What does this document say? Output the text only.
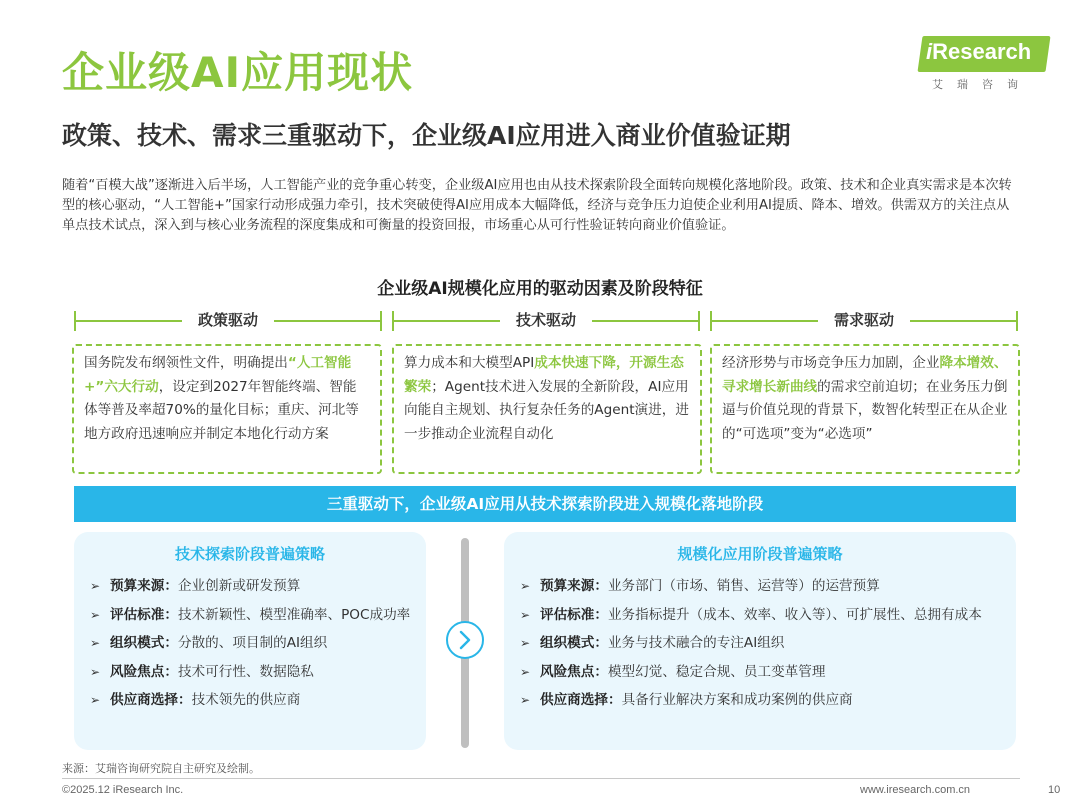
企业级AI应用现状
政策、技术、需求三重驱动下，企业级AI应用进入商业价值验证期
iResearch
艾瑞咨询
随着“百模大战”逐渐进入后半场，人工智能产业的竞争重心转变，企业级AI应用也由从技术探索阶段全面转向规模化落地阶段。政策、技术和企业真实需求是本次转型的核心驱动，“人工智能+”国家行动形成强力牵引，技术突破使得AI应用成本大幅降低，经济与竞争压力迫使企业利用AI提质、降本、增效。供需双方的关注点从单点技术试点，深入到与核心业务流程的深度集成和可衡量的投资回报，市场重心从可行性验证转向商业价值验证。
企业级AI规模化应用的驱动因素及阶段特征
政策驱动	技术驱动	需求驱动
国务院发布纲领性文件，明确提出“人工智能+”六大行动，设定到2027年智能终端、智能体等普及率超70%的量化目标；重庆、河北等地方政府迅速响应并制定本地化行动方案
算力成本和大模型API成本快速下降，开源生态繁荣；Agent技术进入发展的全新阶段，AI应用向能自主规划、执行复杂任务的Agent演进，进一步推动企业流程自动化
经济形势与市场竞争压力加剧，企业降本增效、寻求增长新曲线的需求空前迫切；在业务压力倒逼与价值兑现的背景下，数智化转型正在从企业的“可选项”变为“必选项”
三重驱动下，企业级AI应用从技术探索阶段进入规模化落地阶段
技术探索阶段普遍策略
➢ 预算来源：企业创新或研发预算
➢ 评估标准：技术新颖性、模型准确率、POC成功率
➢ 组织模式：分散的、项目制的AI组织
➢ 风险焦点：技术可行性、数据隐私
➢ 供应商选择：技术领先的供应商
规模化应用阶段普遍策略
➢ 预算来源：业务部门（市场、销售、运营等）的运营预算
➢ 评估标准：业务指标提升（成本、效率、收入等）、可扩展性、总拥有成本
➢ 组织模式：业务与技术融合的专注AI组织
➢ 风险焦点：模型幻觉、稳定合规、员工变革管理
➢ 供应商选择：具备行业解决方案和成功案例的供应商
来源：艾瑞咨询研究院自主研究及绘制。
©2025.12 iResearch Inc.	www.iresearch.com.cn	10
